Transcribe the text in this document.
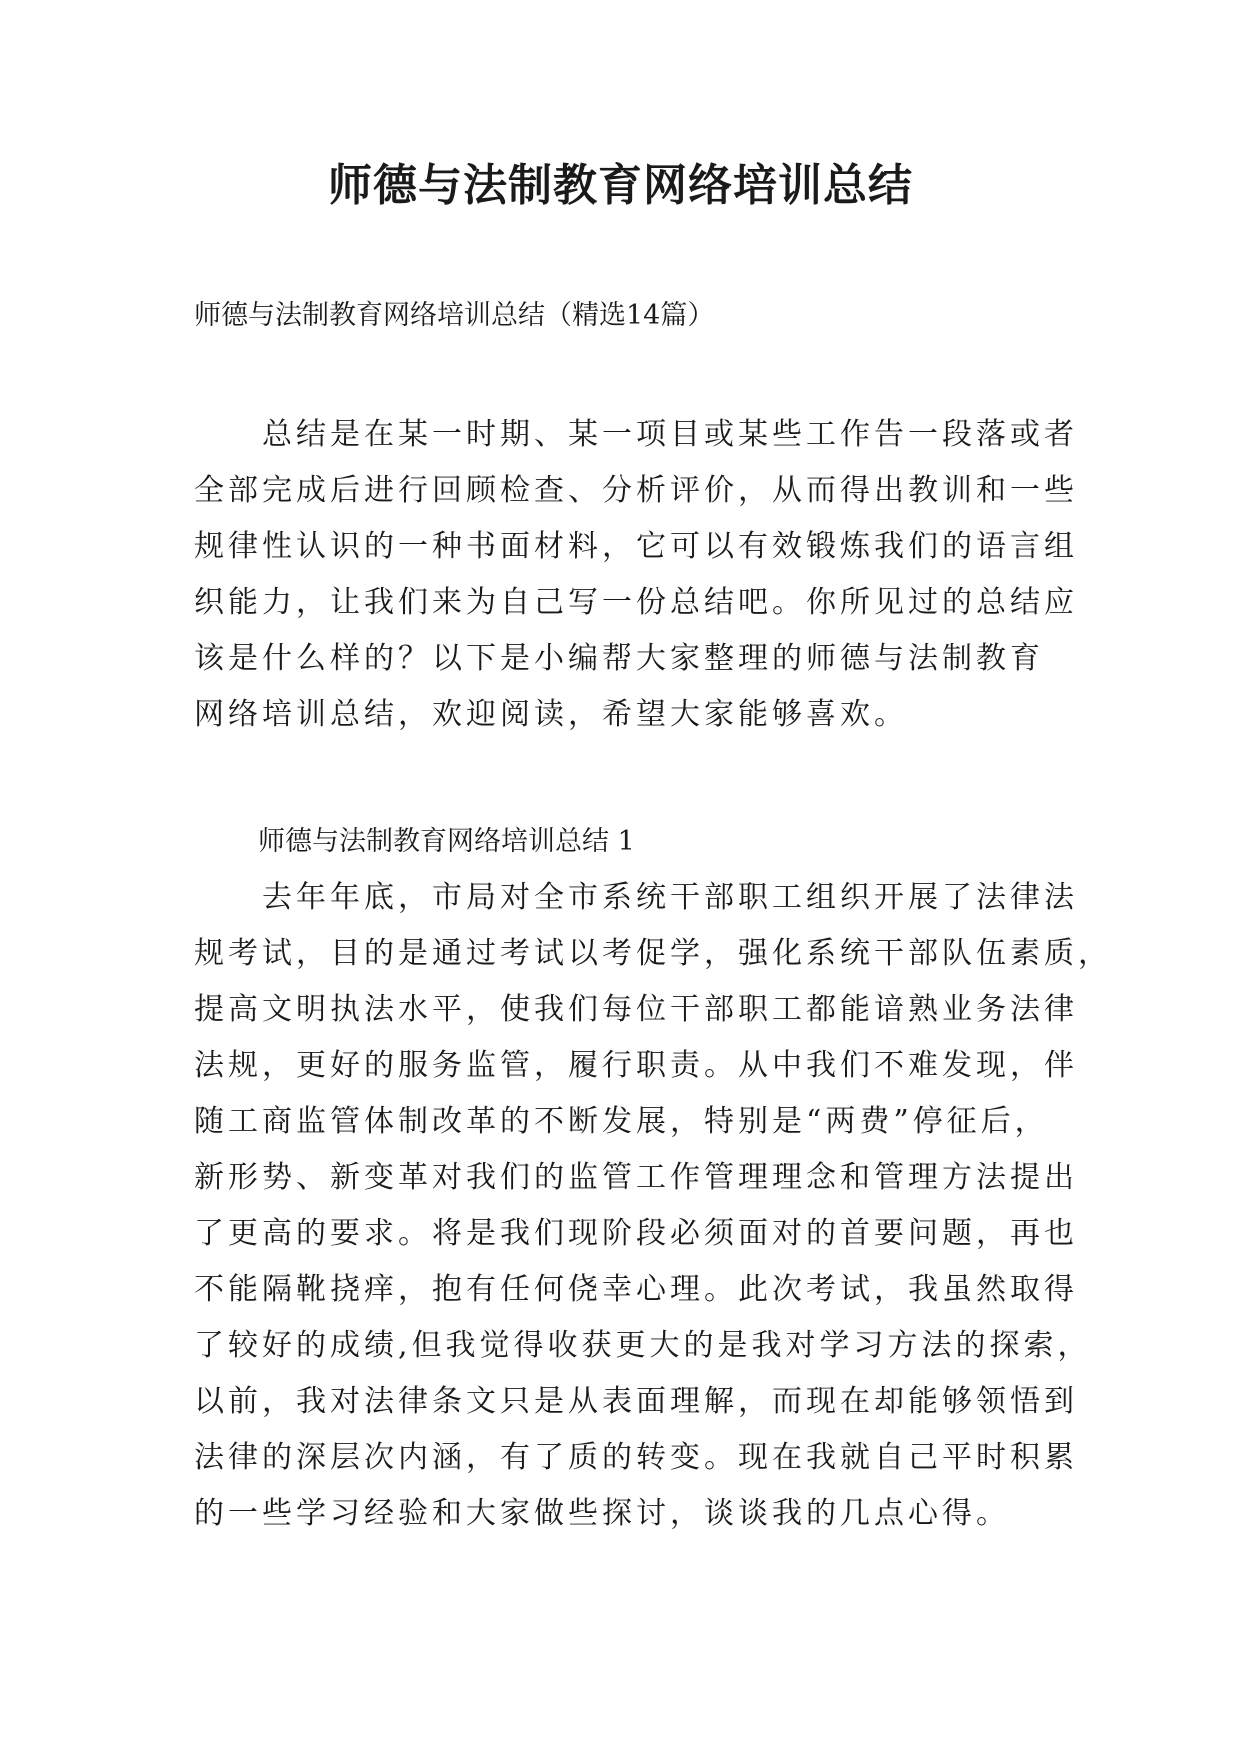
师德与法制教育网络培训总结

师德与法制教育网络培训总结（精选14篇）

　　总结是在某一时期、某一项目或某些工作告一段落或者
全部完成后进行回顾检查、分析评价，从而得出教训和一些
规律性认识的一种书面材料，它可以有效锻炼我们的语言组
织能力，让我们来为自己写一份总结吧。你所见过的总结应
该是什么样的？以下是小编帮大家整理的师德与法制教育
网络培训总结，欢迎阅读，希望大家能够喜欢。

师德与法制教育网络培训总结 1

　　去年年底，市局对全市系统干部职工组织开展了法律法
规考试，目的是通过考试以考促学，强化系统干部队伍素质，
提高文明执法水平，使我们每位干部职工都能谙熟业务法律
法规，更好的服务监管，履行职责。从中我们不难发现，伴
随工商监管体制改革的不断发展，特别是“两费”停征后，
新形势、新变革对我们的监管工作管理理念和管理方法提出
了更高的要求。将是我们现阶段必须面对的首要问题，再也
不能隔靴挠痒，抱有任何侥幸心理。此次考试，我虽然取得
了较好的成绩,但我觉得收获更大的是我对学习方法的探索，
以前，我对法律条文只是从表面理解，而现在却能够领悟到
法律的深层次内涵，有了质的转变。现在我就自己平时积累
的一些学习经验和大家做些探讨，谈谈我的几点心得。
